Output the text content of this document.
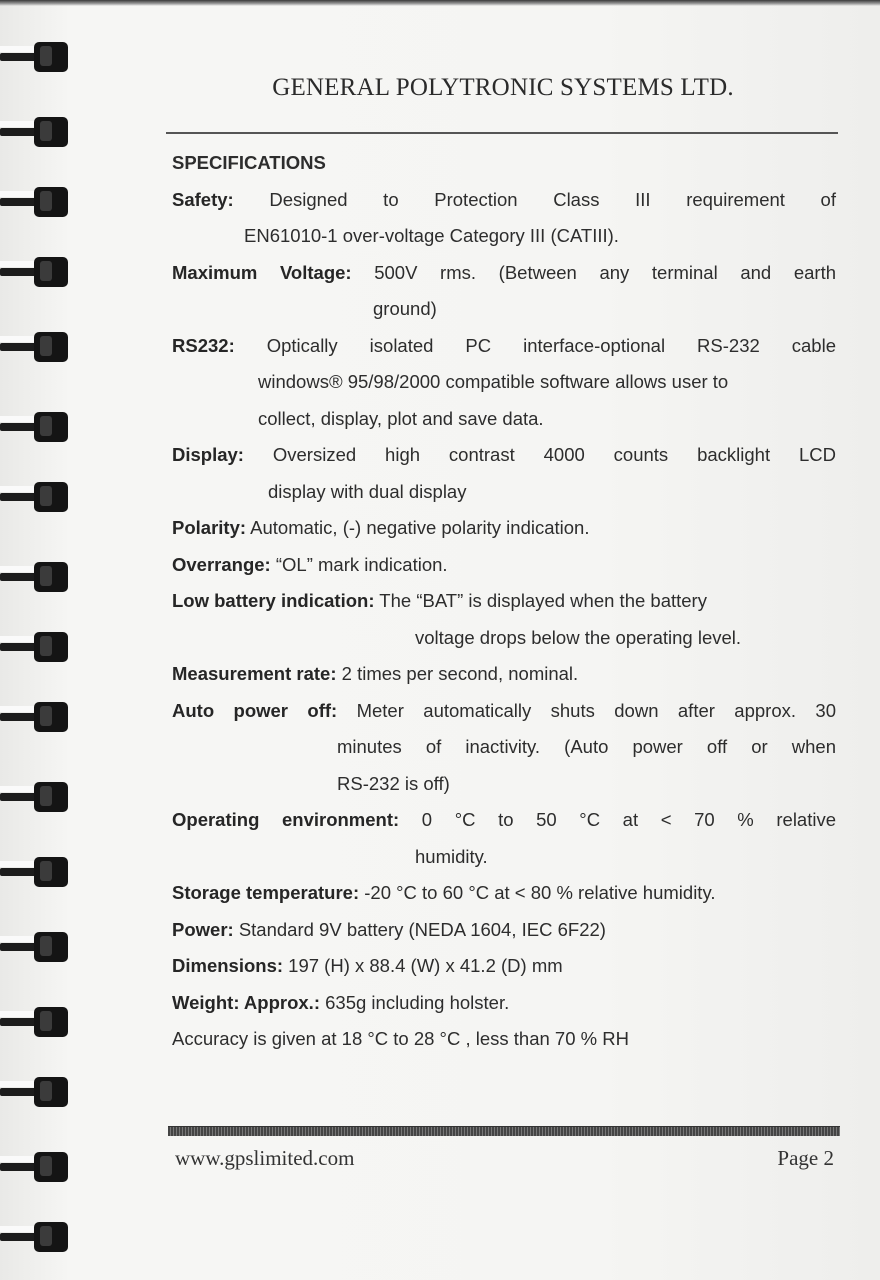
GENERAL POLYTRONIC SYSTEMS LTD.

SPECIFICATIONS

Safety: Designed to Protection Class III requirement of
EN61010-1 over-voltage Category III (CATIII).
Maximum Voltage: 500V rms. (Between any terminal and earth
ground)
RS232: Optically isolated PC interface-optional RS-232 cable
windows® 95/98/2000 compatible software allows user to
collect, display, plot and save data.
Display: Oversized high contrast 4000 counts backlight LCD
display with dual display
Polarity: Automatic, (-) negative polarity indication.
Overrange: “OL” mark indication.
Low battery indication: The “BAT” is displayed when the battery
voltage drops below the operating level.
Measurement rate: 2 times per second, nominal.
Auto power off: Meter automatically shuts down after approx. 30
minutes of inactivity. (Auto power off or when
RS-232 is off)
Operating environment: 0 °C to 50 °C at < 70 % relative
humidity.
Storage temperature: -20 °C to 60 °C at < 80 % relative humidity.
Power: Standard 9V battery (NEDA 1604, IEC 6F22)
Dimensions: 197 (H) x 88.4 (W) x 41.2 (D) mm
Weight: Approx.: 635g including holster.
Accuracy is given at 18 °C to 28 °C , less than 70 % RH
www.gpslimited.com	Page 2
